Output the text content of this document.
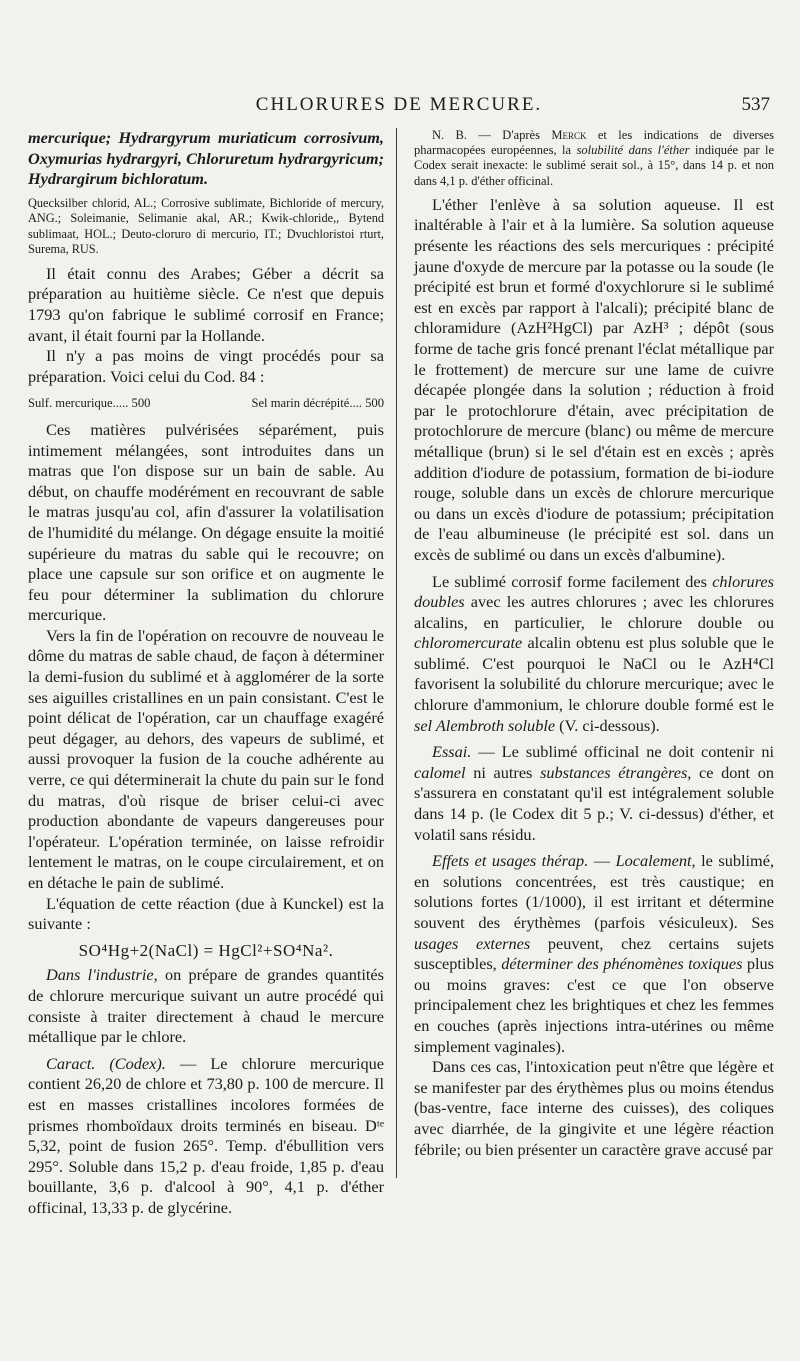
CHLORURES DE MERCURE.	537

mercurique; Hydrargyrum muriaticum corrosivum, Oxymurias hydrargyri, Chloruretum hydrargyricum; Hydrargirum bichloratum.

Quecksilber chlorid, AL.; Corrosive sublimate, Bichloride of mercury, ANG.; Soleimanie, Selimanie akal, AR.; Kwik-chloride,, Bytend sublimaat, HOL.; Deuto-cloruro di mercurio, IT.; Dvuchloristoi rturt, Surema, RUS.

Il était connu des Arabes; Géber a décrit sa préparation au huitième siècle. Ce n'est que depuis 1793 qu'on fabrique le sublimé corrosif en France; avant, il était fourni par la Hollande.

Il n'y a pas moins de vingt procédés pour sa préparation. Voici celui du Cod. 84 :

Sulf. mercurique..... 500	Sel marin décrépité.... 500

Ces matières pulvérisées séparément, puis intimement mélangées, sont introduites dans un matras que l'on dispose sur un bain de sable. Au début, on chauffe modérément en recouvrant de sable le matras jusqu'au col, afin d'assurer la volatilisation de l'humidité du mélange. On dégage ensuite la moitié supérieure du matras du sable qui le recouvre; on place une capsule sur son orifice et on augmente le feu pour déterminer la sublimation du chlorure mercurique.

Vers la fin de l'opération on recouvre de nouveau le dôme du matras de sable chaud, de façon à déterminer la demi-fusion du sublimé et à agglomérer de la sorte ses aiguilles cristallines en un pain consistant. C'est le point délicat de l'opération, car un chauffage exagéré peut dégager, au dehors, des vapeurs de sublimé, et aussi provoquer la fusion de la couche adhérente au verre, ce qui déterminerait la chute du pain sur le fond du matras, d'où risque de briser celui-ci avec production abondante de vapeurs dangereuses pour l'opérateur. L'opération terminée, on laisse refroidir lentement le matras, on le coupe circulairement, et on en détache le pain de sublimé.

L'équation de cette réaction (due à Kunckel) est la suivante :

SO⁴Hg+2(NaCl) = HgCl²+SO⁴Na².

Dans l'industrie, on prépare de grandes quantités de chlorure mercurique suivant un autre procédé qui consiste à traiter directement à chaud le mercure métallique par le chlore.

Caract. (Codex). — Le chlorure mercurique contient 26,20 de chlore et 73,80 p. 100 de mercure. Il est en masses cristallines incolores formées de prismes rhomboïdaux droits terminés en biseau. Dᵗᵉ 5,32, point de fusion 265°. Temp. d'ébullition vers 295°. Soluble dans 15,2 p. d'eau froide, 1,85 p. d'eau bouillante, 3,6 p. d'alcool à 90°, 4,1 p. d'éther officinal, 13,33 p. de glycérine.

N. B. — D'après Merck et les indications de diverses pharmacopées européennes, la solubilité dans l'éther indiquée par le Codex serait inexacte: le sublimé serait sol., à 15°, dans 14 p. et non dans 4,1 p. d'éther officinal.

L'éther l'enlève à sa solution aqueuse. Il est inaltérable à l'air et à la lumière. Sa solution aqueuse présente les réactions des sels mercuriques : précipité jaune d'oxyde de mercure par la potasse ou la soude (le précipité est brun et formé d'oxychlorure si le sublimé est en excès par rapport à l'alcali); précipité blanc de chloramidure (AzH²HgCl) par AzH³ ; dépôt (sous forme de tache gris foncé prenant l'éclat métallique par le frottement) de mercure sur une lame de cuivre décapée plongée dans la solution ; réduction à froid par le protochlorure d'étain, avec précipitation de protochlorure de mercure (blanc) ou même de mercure métallique (brun) si le sel d'étain est en excès ; après addition d'iodure de potassium, formation de bi-iodure rouge, soluble dans un excès de chlorure mercurique ou dans un excès d'iodure de potassium; précipitation de l'eau albumineuse (le précipité est sol. dans un excès de sublimé ou dans un excès d'albumine).

Le sublimé corrosif forme facilement des chlorures doubles avec les autres chlorures ; avec les chlorures alcalins, en particulier, le chlorure double ou chloromercurate alcalin obtenu est plus soluble que le sublimé. C'est pourquoi le NaCl ou le AzH⁴Cl favorisent la solubilité du chlorure mercurique; avec le chlorure d'ammonium, le chlorure double formé est le sel Alembroth soluble (V. ci-dessous).

Essai. — Le sublimé officinal ne doit contenir ni calomel ni autres substances étrangères, ce dont on s'assurera en constatant qu'il est intégralement soluble dans 14 p. (le Codex dit 5 p.; V. ci-dessus) d'éther, et volatil sans résidu.

Effets et usages thérap. — Localement, le sublimé, en solutions concentrées, est très caustique; en solutions fortes (1/1000), il est irritant et détermine souvent des érythèmes (parfois vésiculeux). Ses usages externes peuvent, chez certains sujets susceptibles, déterminer des phénomènes toxiques plus ou moins graves: c'est ce que l'on observe principalement chez les brightiques et chez les femmes en couches (après injections intra-utérines ou même simplement vaginales).

Dans ces cas, l'intoxication peut n'être que légère et se manifester par des érythèmes plus ou moins étendus (bas-ventre, face interne des cuisses), des coliques avec diarrhée, de la gingivite et une légère réaction fébrile; ou bien présenter un caractère grave accusé par
